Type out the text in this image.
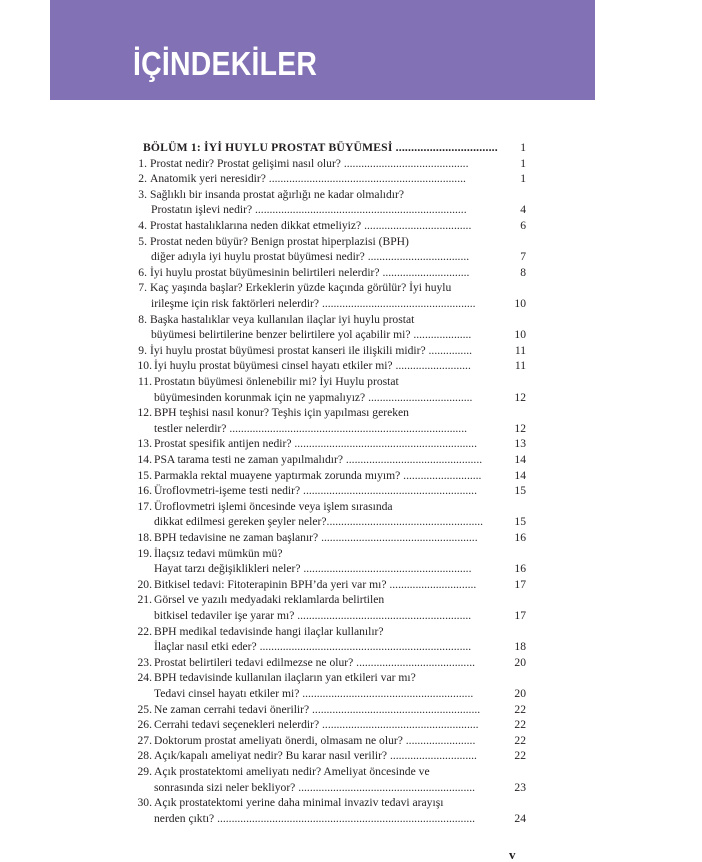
İÇİNDEKİLER
BÖLÜM 1: İYİ HUYLU PROSTAT BÜYÜMESİ .................................	1
1. Prostat nedir? Prostat gelişimi nasıl olur? ...........................................	1
2. Anatomik yeri neresidir? ....................................................................	1
3. Sağlıklı bir insanda prostat ağırlığı ne kadar olmalıdır?
Prostatın işlevi nedir? .........................................................................	4
4. Prostat hastalıklarına neden dikkat etmeliyiz? .....................................	6
5. Prostat neden büyür? Benign prostat hiperplazisi (BPH)
diğer adıyla iyi huylu prostat büyümesi nedir? ...................................	7
6. İyi huylu prostat büyümesinin belirtileri nelerdir? ..............................	8
7. Kaç yaşında başlar? Erkeklerin yüzde kaçında görülür? İyi huylu
irileşme için risk faktörleri nelerdir? .....................................................	10
8. Başka hastalıklar veya kullanılan ilaçlar iyi huylu prostat
büyümesi belirtilerine benzer belirtilere yol açabilir mi? ....................	10
9. İyi huylu prostat büyümesi prostat kanseri ile ilişkili midir? ...............	11
10. İyi huylu prostat büyümesi cinsel hayatı etkiler mi? ..........................	11
11. Prostatın büyümesi önlenebilir mi? İyi Huylu prostat
büyümesinden korunmak için ne yapmalıyız? ....................................	12
12. BPH teşhisi nasıl konur? Teşhis için yapılması gereken
testler nelerdir? ..................................................................................	12
13. Prostat spesifik antijen nedir? ...............................................................	13
14. PSA tarama testi ne zaman yapılmalıdır? ...............................................	14
15. Parmakla rektal muayene yaptırmak zorunda mıyım? ...........................	14
16. Üroflovmetri-işeme testi nedir? ............................................................	15
17. Üroflovmetri işlemi öncesinde veya işlem sırasında
dikkat edilmesi gereken şeyler neler?......................................................	15
18. BPH tedavisine ne zaman başlanır? ......................................................	16
19. İlaçsız tedavi mümkün mü?
Hayat tarzı değişiklikleri neler? ..........................................................	16
20. Bitkisel tedavi: Fitoterapinin BPH’da yeri var mı? ..............................	17
21. Görsel ve yazılı medyadaki reklamlarda belirtilen
bitkisel tedaviler işe yarar mı? ............................................................	17
22. BPH medikal tedavisinde hangi ilaçlar kullanılır?
İlaçlar nasıl etki eder? .........................................................................	18
23. Prostat belirtileri tedavi edilmezse ne olur? .........................................	20
24. BPH tedavisinde kullanılan ilaçların yan etkileri var mı?
Tedavi cinsel hayatı etkiler mi? ...........................................................	20
25. Ne zaman cerrahi tedavi önerilir? ..........................................................	22
26. Cerrahi tedavi seçenekleri nelerdir? ......................................................	22
27. Doktorum prostat ameliyatı önerdi, olmasam ne olur? ........................	22
28. Açık/kapalı ameliyat nedir? Bu karar nasıl verilir? ..............................	22
29. Açık prostatektomi ameliyatı nedir? Ameliyat öncesinde ve
sonrasında sizi neler bekliyor? .............................................................	23
30. Açık prostatektomi yerine daha minimal invaziv tedavi arayışı
nerden çıktı? .........................................................................................	24
v
